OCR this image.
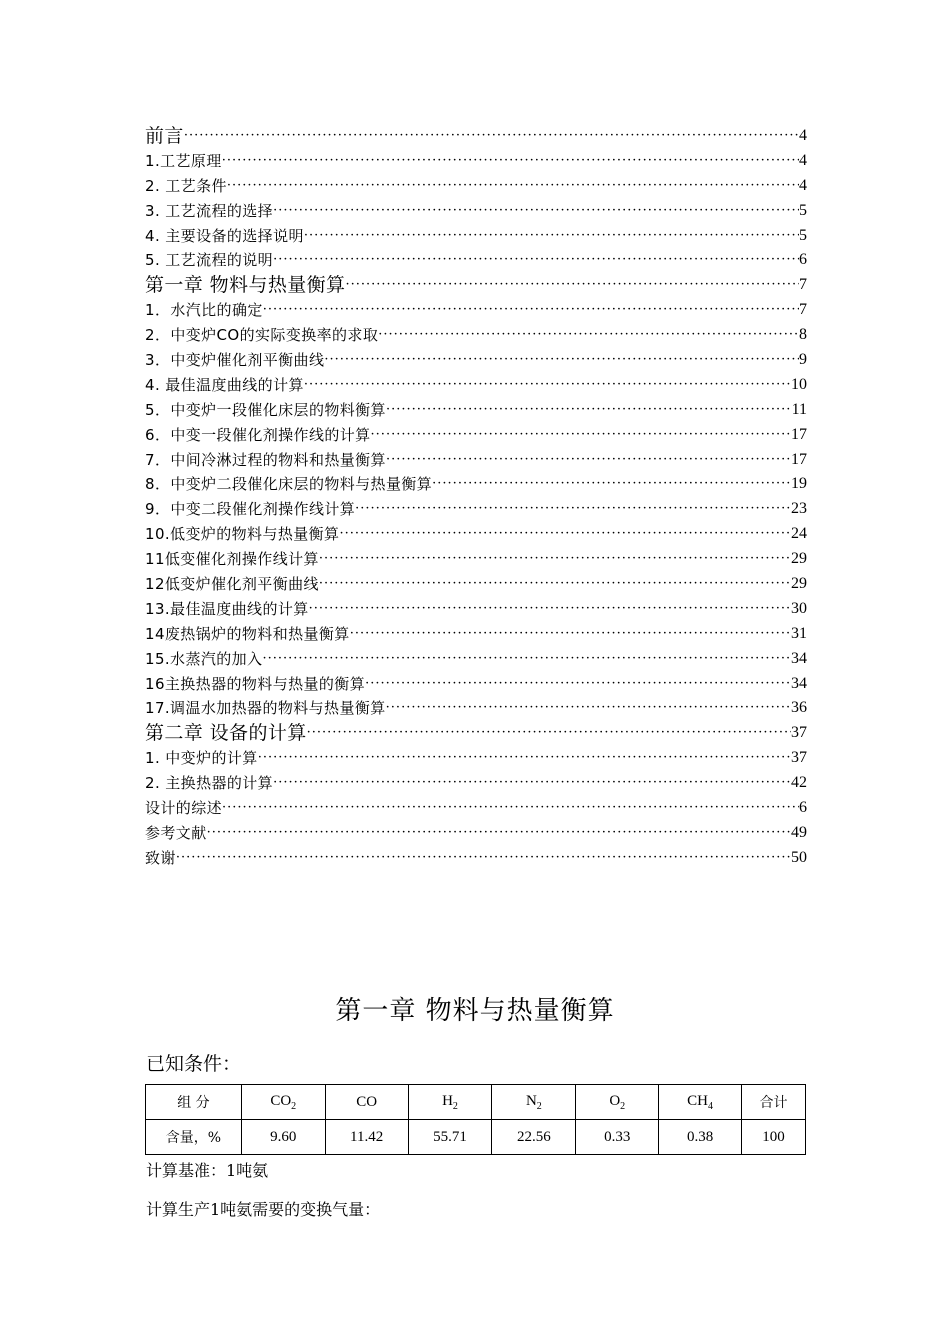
前言 ·····	4
1.工艺原理 ·····	4
2. 工艺条件 ·····	4
3. 工艺流程的选择 ·····	5
4. 主要设备的选择说明 ·····	5
5. 工艺流程的说明 ·····	6
第一章 物料与热量衡算 ·····	7
1．水汽比的确定 ·····	7
2．中变炉CO的实际变换率的求取 ·····	8
3．中变炉催化剂平衡曲线 ·····	9
4. 最佳温度曲线的计算 ·····	10
5．中变炉一段催化床层的物料衡算 ·····	11
6．中变一段催化剂操作线的计算 ·····	17
7．中间冷淋过程的物料和热量衡算 ·····	17
8．中变炉二段催化床层的物料与热量衡算 ·····	19
9．中变二段催化剂操作线计算 ·····	23
10.低变炉的物料与热量衡算 ·····	24
11低变催化剂操作线计算 ·····	29
12低变炉催化剂平衡曲线 ·····	29
13.最佳温度曲线的计算 ·····	30
14废热锅炉的物料和热量衡算 ·····	31
15.水蒸汽的加入 ·····	34
16主换热器的物料与热量的衡算 ·····	34
17.调温水加热器的物料与热量衡算 ·····	36
第二章 设备的计算 ·····	37
1. 中变炉的计算 ·····	37
2. 主换热器的计算 ·····	42
设计的综述 ·····	6
参考文献 ·····	49
致谢 ·····	50
第一章 物料与热量衡算
已知条件：
组 分	$CO_2$	CO	$H_2$	$N_2$	$O_2$	$CH_4$	合计
含量，%	9.60	11.42	55.71	22.56	0.33	0.38	100
计算基准：1吨氨
计算生产1吨氨需要的变换气量：
